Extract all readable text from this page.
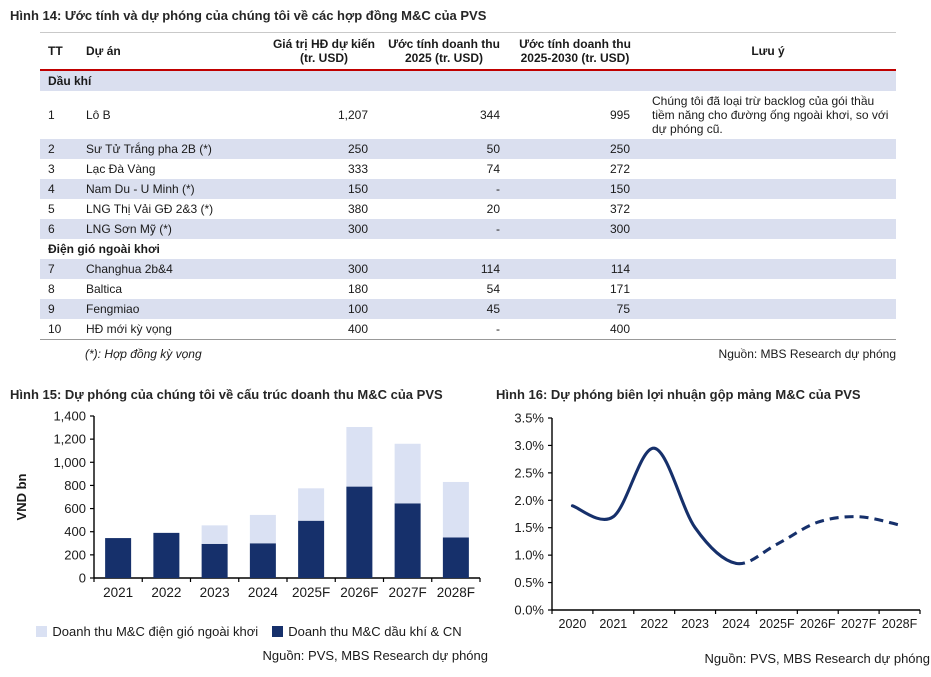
Hình 14: Ước tính và dự phóng của chúng tôi về các hợp đồng M&C của PVS
TT	Dự án	Giá trị HĐ dự kiến (tr. USD)	Ước tính doanh thu 2025 (tr. USD)	Ước tính doanh thu 2025-2030 (tr. USD)	Lưu ý
Dầu khí					
1	Lô B	1,207	344	995	Chúng tôi đã loại trừ backlog của gói thầu tiềm năng cho đường ống ngoài khơi, so với dự phóng cũ.
2	Sư Tử Trắng pha 2B (*)	250	50	250	
3	Lạc Đà Vàng	333	74	272	
4	Nam Du - U Minh (*)	150	-	150	
5	LNG Thị Vải GĐ 2&3 (*)	380	20	372	
6	LNG Sơn Mỹ (*)	300	-	300	
Điện gió ngoài khơi					
7	Changhua 2b&4	300	114	114	
8	Baltica	180	54	171	
9	Fengmiao	100	45	75	
10	HĐ mới kỳ vọng	400	-	400	
(*): Hợp đồng kỳ vọng	Nguồn: MBS Research dự phóng
Hình 15: Dự phóng của chúng tôi về cấu trúc doanh thu M&C của PVS
0
200
400
600
800
1,000
1,200
1,400
2021 2022 2023 2024 2025F 2026F 2027F 2028F
VND bn
Doanh thu M&C điện gió ngoài khơi Doanh thu M&C dầu khí & CN
Nguồn: PVS, MBS Research dự phóng
Hình 16: Dự phóng biên lợi nhuận gộp mảng M&C của PVS
0.0%
0.5%
1.0%
1.5%
2.0%
2.5%
3.0%
3.5%
2020 2021 2022 2023 2024 2025F 2026F 2027F 2028F
Nguồn: PVS, MBS Research dự phóng
